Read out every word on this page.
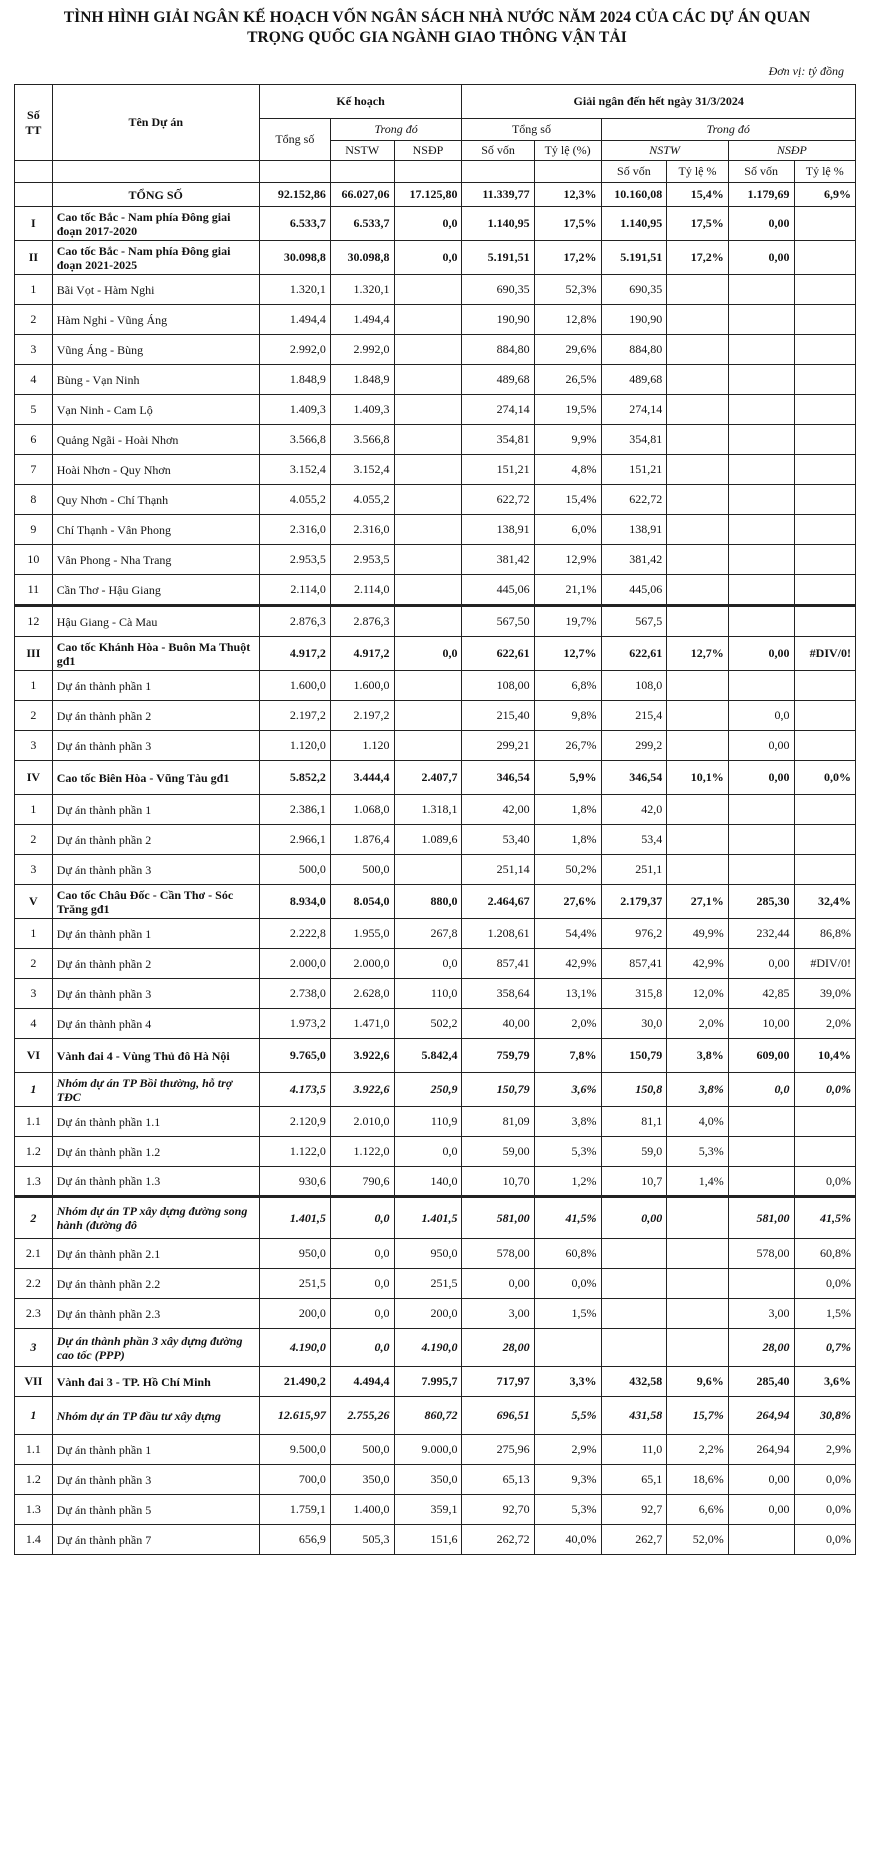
TÌNH HÌNH GIẢI NGÂN KẾ HOẠCH VỐN NGÂN SÁCH NHÀ NƯỚC NĂM 2024 CỦA CÁC DỰ ÁN QUAN
TRỌNG QUỐC GIA NGÀNH GIAO THÔNG VẬN TẢI
Đơn vị: tỷ đồng
Số TT	Tên Dự án	Kế hoạch			Giải ngân đến hết ngày 31/3/2024					
		Tổng số	Trong đó		Tổng số		Trong đó			
			NSTW	NSĐP	Số vốn	Tỷ lệ (%)	NSTW		NSĐP	
							Số vốn	Tỷ lệ %	Số vốn	Tỷ lệ %
	TỔNG SỐ	92.152,86	66.027,06	17.125,80	11.339,77	12,3%	10.160,08	15,4%	1.179,69	6,9%
I	Cao tốc Bắc - Nam phía Đông giai đoạn 2017-2020	6.533,7	6.533,7	0,0	1.140,95	17,5%	1.140,95	17,5%	0,00	
II	Cao tốc Bắc - Nam phía Đông giai đoạn 2021-2025	30.098,8	30.098,8	0,0	5.191,51	17,2%	5.191,51	17,2%	0,00	
1	Bãi Vọt - Hàm Nghi	1.320,1	1.320,1		690,35	52,3%	690,35			
2	Hàm Nghi - Vũng Áng	1.494,4	1.494,4		190,90	12,8%	190,90			
3	Vũng Áng - Bùng	2.992,0	2.992,0		884,80	29,6%	884,80			
4	Bùng - Vạn Ninh	1.848,9	1.848,9		489,68	26,5%	489,68			
5	Vạn Ninh - Cam Lộ	1.409,3	1.409,3		274,14	19,5%	274,14			
6	Quảng Ngãi - Hoài Nhơn	3.566,8	3.566,8		354,81	9,9%	354,81			
7	Hoài Nhơn - Quy Nhơn	3.152,4	3.152,4		151,21	4,8%	151,21			
8	Quy Nhơn - Chí Thạnh	4.055,2	4.055,2		622,72	15,4%	622,72			
9	Chí Thạnh - Vân Phong	2.316,0	2.316,0		138,91	6,0%	138,91			
10	Vân Phong - Nha Trang	2.953,5	2.953,5		381,42	12,9%	381,42			
11	Cần Thơ - Hậu Giang	2.114,0	2.114,0		445,06	21,1%	445,06			
12	Hậu Giang - Cà Mau	2.876,3	2.876,3		567,50	19,7%	567,5			
III	Cao tốc Khánh Hòa - Buôn Ma Thuột gđ1	4.917,2	4.917,2	0,0	622,61	12,7%	622,61	12,7%	0,00	#DIV/0!
1	Dự án thành phần 1	1.600,0	1.600,0		108,00	6,8%	108,0			
2	Dự án thành phần 2	2.197,2	2.197,2		215,40	9,8%	215,4		0,0	
3	Dự án thành phần 3	1.120,0	1.120		299,21	26,7%	299,2		0,00	
IV	Cao tốc Biên Hòa - Vũng Tàu gđ1	5.852,2	3.444,4	2.407,7	346,54	5,9%	346,54	10,1%	0,00	0,0%
1	Dự án thành phần 1	2.386,1	1.068,0	1.318,1	42,00	1,8%	42,0			
2	Dự án thành phần 2	2.966,1	1.876,4	1.089,6	53,40	1,8%	53,4			
3	Dự án thành phần 3	500,0	500,0		251,14	50,2%	251,1			
V	Cao tốc Châu Đốc - Cần Thơ - Sóc Trăng gđ1	8.934,0	8.054,0	880,0	2.464,67	27,6%	2.179,37	27,1%	285,30	32,4%
1	Dự án thành phần 1	2.222,8	1.955,0	267,8	1.208,61	54,4%	976,2	49,9%	232,44	86,8%
2	Dự án thành phần 2	2.000,0	2.000,0	0,0	857,41	42,9%	857,41	42,9%	0,00	#DIV/0!
3	Dự án thành phần 3	2.738,0	2.628,0	110,0	358,64	13,1%	315,8	12,0%	42,85	39,0%
4	Dự án thành phần 4	1.973,2	1.471,0	502,2	40,00	2,0%	30,0	2,0%	10,00	2,0%
VI	Vành đai 4 - Vùng Thủ đô Hà Nội	9.765,0	3.922,6	5.842,4	759,79	7,8%	150,79	3,8%	609,00	10,4%
1	Nhóm dự án TP Bồi thường, hỗ trợ TĐC	4.173,5	3.922,6	250,9	150,79	3,6%	150,8	3,8%	0,0	0,0%
1.1	Dự án thành phần 1.1	2.120,9	2.010,0	110,9	81,09	3,8%	81,1	4,0%		
1.2	Dự án thành phần 1.2	1.122,0	1.122,0	0,0	59,00	5,3%	59,0	5,3%		
1.3	Dự án thành phần 1.3	930,6	790,6	140,0	10,70	1,2%	10,7	1,4%		0,0%
2	Nhóm dự án TP xây dựng đường song hành (đường đô	1.401,5	0,0	1.401,5	581,00	41,5%	0,00		581,00	41,5%
2.1	Dự án thành phần 2.1	950,0	0,0	950,0	578,00	60,8%			578,00	60,8%
2.2	Dự án thành phần 2.2	251,5	0,0	251,5	0,00	0,0%				0,0%
2.3	Dự án thành phần 2.3	200,0	0,0	200,0	3,00	1,5%			3,00	1,5%
3	Dự án thành phần 3 xây dựng đường cao tốc (PPP)	4.190,0	0,0	4.190,0	28,00				28,00	0,7%
VII	Vành đai 3 - TP. Hồ Chí Minh	21.490,2	4.494,4	7.995,7	717,97	3,3%	432,58	9,6%	285,40	3,6%
1	Nhóm dự án TP đầu tư xây dựng	12.615,97	2.755,26	860,72	696,51	5,5%	431,58	15,7%	264,94	30,8%
1.1	Dự án thành phần 1	9.500,0	500,0	9.000,0	275,96	2,9%	11,0	2,2%	264,94	2,9%
1.2	Dự án thành phần 3	700,0	350,0	350,0	65,13	9,3%	65,1	18,6%	0,00	0,0%
1.3	Dự án thành phần 5	1.759,1	1.400,0	359,1	92,70	5,3%	92,7	6,6%	0,00	0,0%
1.4	Dự án thành phần 7	656,9	505,3	151,6	262,72	40,0%	262,7	52,0%		0,0%
